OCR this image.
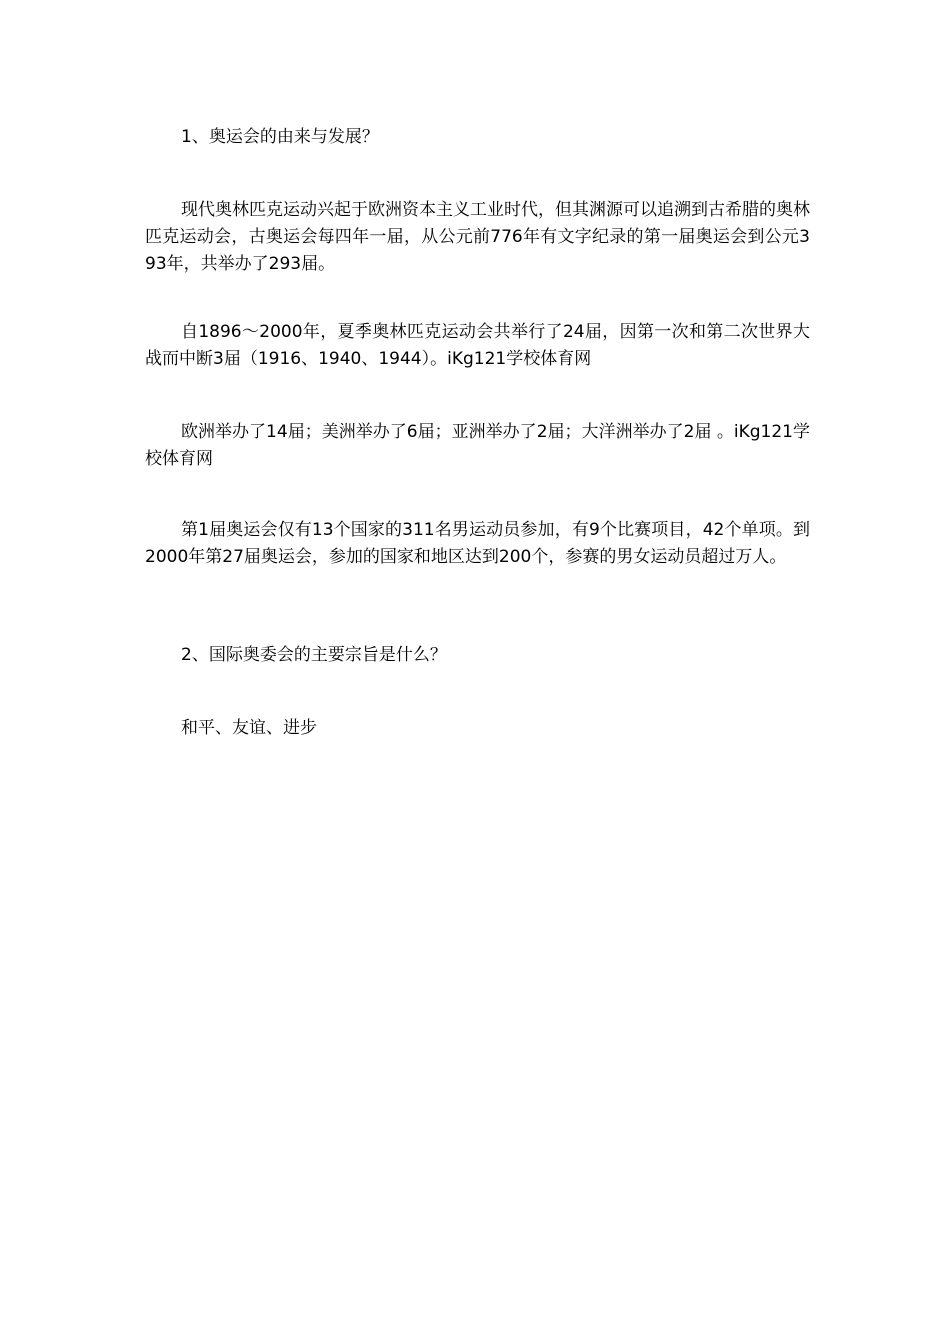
1、奥运会的由来与发展？

现代奥林匹克运动兴起于欧洲资本主义工业时代，但其渊源可以追溯到古希腊的奥林匹克运动会，古奥运会每四年一届，从公元前776年有文字纪录的第一届奥运会到公元393年，共举办了293届。

自1896～2000年，夏季奥林匹克运动会共举行了24届，因第一次和第二次世界大战而中断3届（1916、1940、1944）。iKg121学校体育网

欧洲举办了14届；美洲举办了6届；亚洲举办了2届；大洋洲举办了2届 。iKg121学校体育网

第1届奥运会仅有13个国家的311名男运动员参加，有9个比赛项目，42个单项。到2000年第27届奥运会，参加的国家和地区达到200个，参赛的男女运动员超过万人。

2、国际奥委会的主要宗旨是什么？

和平、友谊、进步
